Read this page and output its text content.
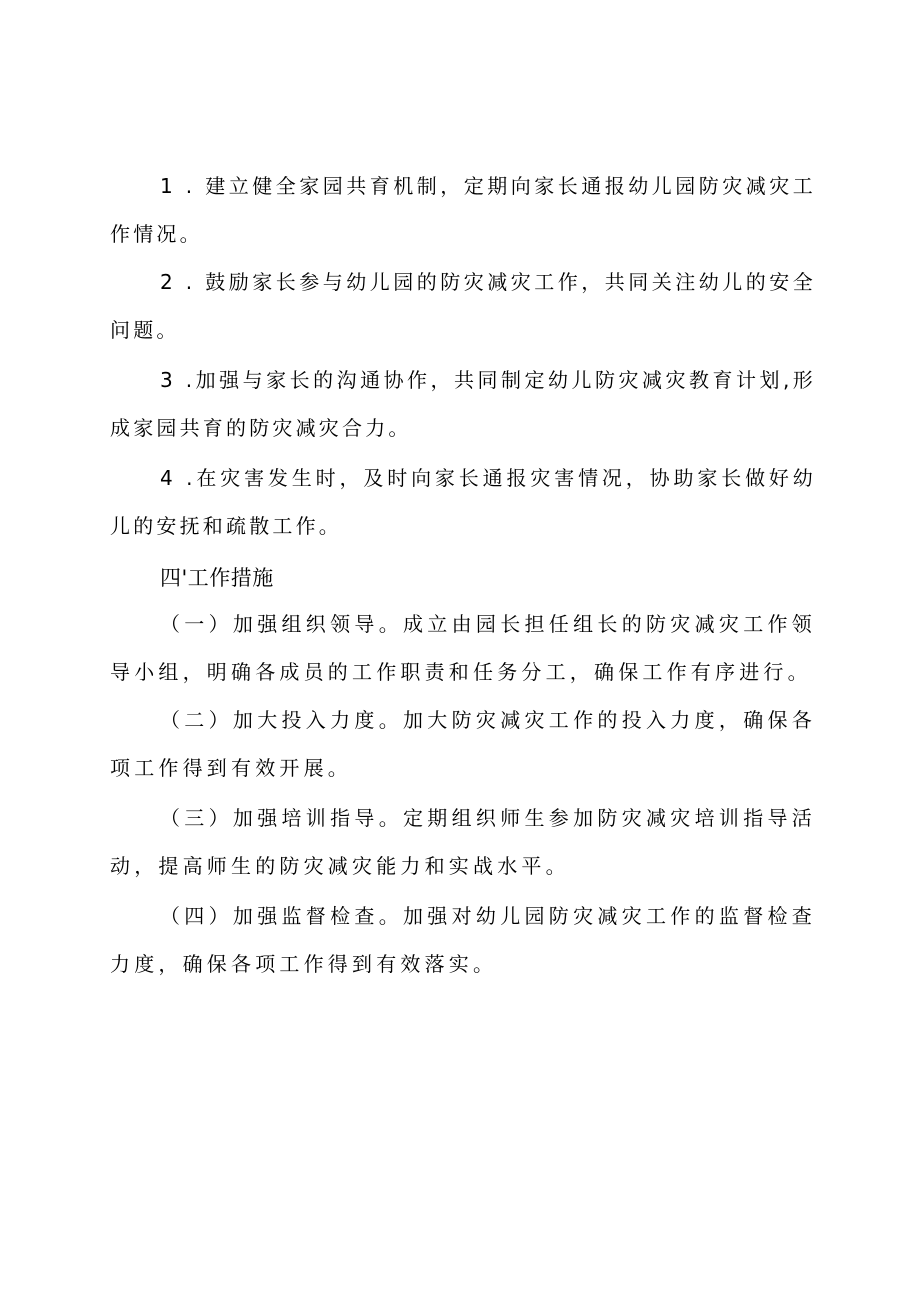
1 . 建立健全家园共育机制，定期向家长通报幼儿园防灾减灾工作情况。

2 . 鼓励家长参与幼儿园的防灾减灾工作，共同关注幼儿的安全问题。

3 .加强与家长的沟通协作，共同制定幼儿防灾减灾教育计划,形成家园共育的防灾减灾合力。

4 .在灾害发生时，及时向家长通报灾害情况，协助家长做好幼儿的安抚和疏散工作。

四'工作措施

（一）加强组织领导。成立由园长担任组长的防灾减灾工作领导小组，明确各成员的工作职责和任务分工，确保工作有序进行。

（二）加大投入力度。加大防灾减灾工作的投入力度，确保各项工作得到有效开展。

（三）加强培训指导。定期组织师生参加防灾减灾培训指导活动，提高师生的防灾减灾能力和实战水平。

（四）加强监督检查。加强对幼儿园防灾减灾工作的监督检查力度，确保各项工作得到有效落实。
